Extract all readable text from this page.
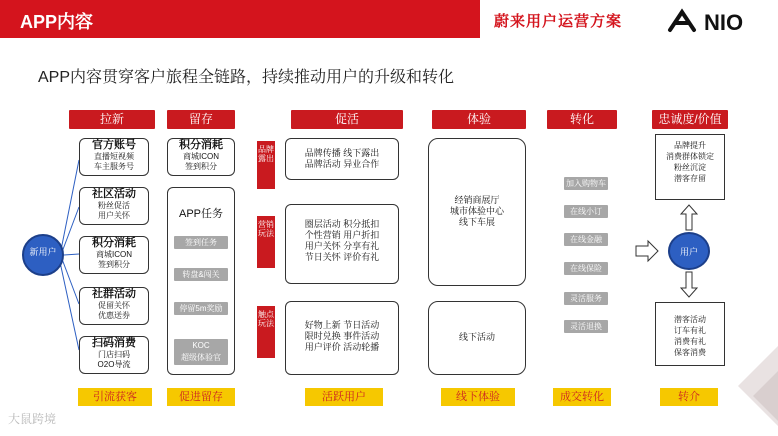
APP内容	蔚来用户运营方案	NIO
APP内容贯穿客户旅程全链路，持续推动用户的升级和转化
拉新	留存	促活	体验	转化	忠诚度/价值
新用户
官方账号
直播短视频
车主服务号
社区活动
粉丝促活
用户关怀
积分消耗
商城ICON
签到积分
社群活动
促留关怀
优惠送券
扫码消费
门店扫码
O2O导流
积分消耗
商城ICON
签到积分
APP任务
签到任务
转盘&闯关
停留5m奖励
KOC
超级体验官
品牌露出
营销玩法
触点玩法
品牌传播 线下露出
品牌活动 异业合作
圈层活动 积分抵扣
个性营销 用户折扣
用户关怀 分享有礼
节日关怀 评价有礼
好物上新 节日活动
限时兑换 事件活动
用户评价 活动轮播
经销商展厅
城市体验中心
线下车展
线下活动
加入购物车
在线小订
在线金融
在线保险
灵活服务
灵活退换
品牌提升
消费群体锁定
粉丝沉淀
潜客存留
用户
潜客活动
订车有礼
消费有礼
保客消费
引流获客	促进留存	活跃用户	线下体验	成交转化	转介
大鼠跨境
